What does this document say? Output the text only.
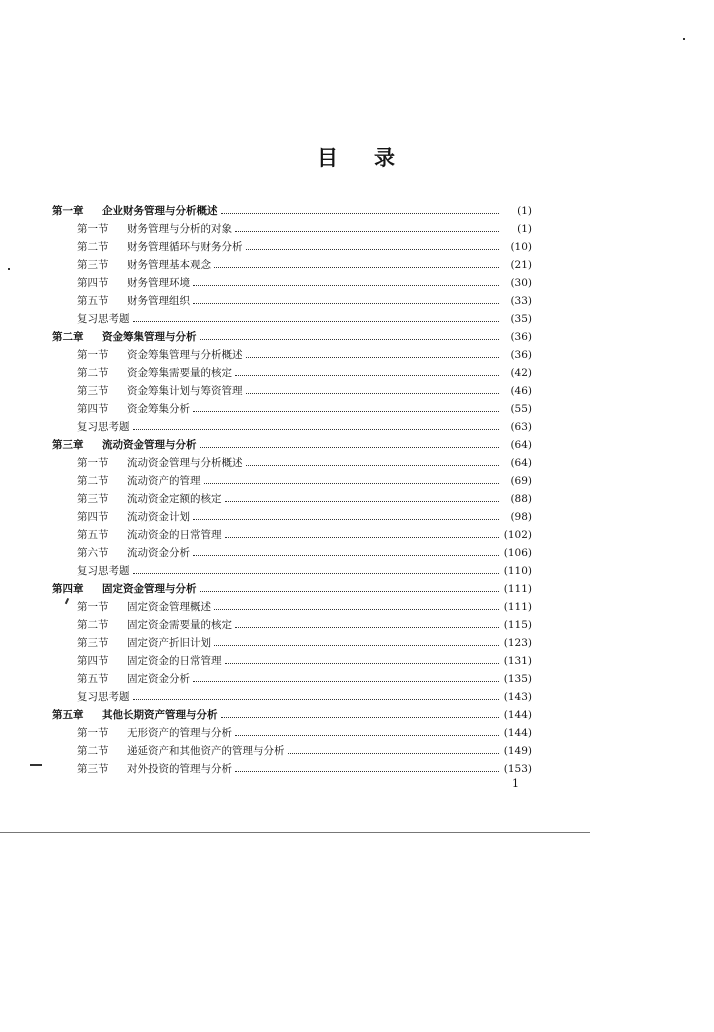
目 录
第一章	企业财务管理与分析概述	(1)
第一节	财务管理与分析的对象	(1)
第二节	财务管理循环与财务分析	(10)
第三节	财务管理基本观念	(21)
第四节	财务管理环境	(30)
第五节	财务管理组织	(33)
复习思考题	(35)
第二章	资金筹集管理与分析	(36)
第一节	资金筹集管理与分析概述	(36)
第二节	资金筹集需要量的核定	(42)
第三节	资金筹集计划与筹资管理	(46)
第四节	资金筹集分析	(55)
复习思考题	(63)
第三章	流动资金管理与分析	(64)
第一节	流动资金管理与分析概述	(64)
第二节	流动资产的管理	(69)
第三节	流动资金定额的核定	(88)
第四节	流动资金计划	(98)
第五节	流动资金的日常管理	(102)
第六节	流动资金分析	(106)
复习思考题	(110)
第四章	固定资金管理与分析	(111)
第一节	固定资金管理概述	(111)
第二节	固定资金需要量的核定	(115)
第三节	固定资产折旧计划	(123)
第四节	固定资金的日常管理	(131)
第五节	固定资金分析	(135)
复习思考题	(143)
第五章	其他长期资产管理与分析	(144)
第一节	无形资产的管理与分析	(144)
第二节	递延资产和其他资产的管理与分析	(149)
第三节	对外投资的管理与分析	(153)
1
